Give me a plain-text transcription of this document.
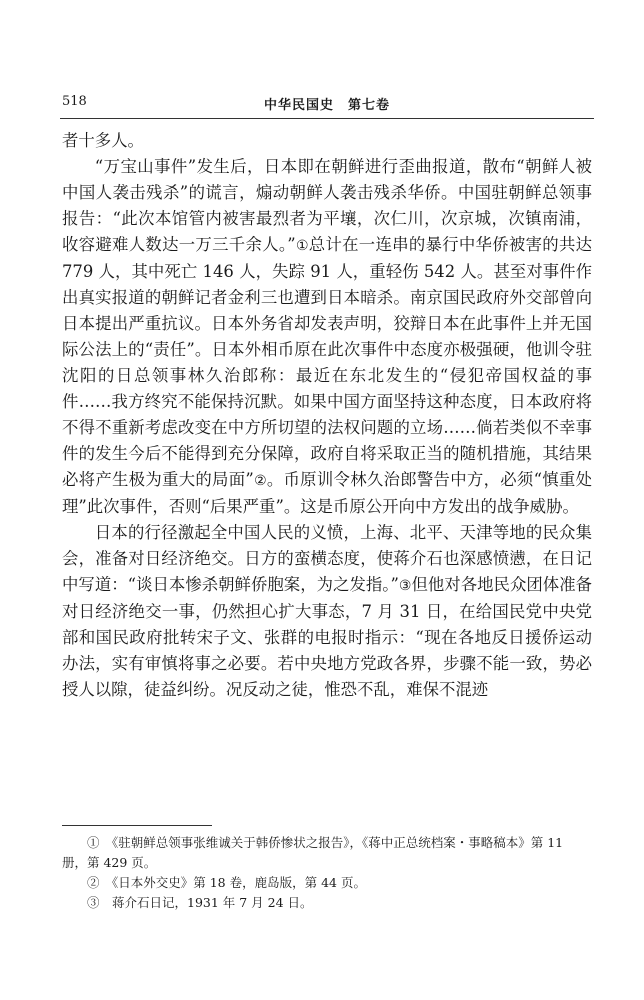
518	中华民国史　第七卷

者十多人。

“万宝山事件”发生后，日本即在朝鲜进行歪曲报道，散布“朝鲜人被中国人袭击残杀”的谎言，煽动朝鲜人袭击残杀华侨。中国驻朝鲜总领事报告：“此次本馆管内被害最烈者为平壤，次仁川，次京城，次镇南浦，收容避难人数达一万三千余人。”①总计在一连串的暴行中华侨被害的共达 779 人，其中死亡 146 人，失踪 91 人，重轻伤 542 人。甚至对事件作出真实报道的朝鲜记者金利三也遭到日本暗杀。南京国民政府外交部曾向日本提出严重抗议。日本外务省却发表声明，狡辩日本在此事件上并无国际公法上的“责任”。日本外相币原在此次事件中态度亦极强硬，他训令驻沈阳的日总领事林久治郎称：最近在东北发生的“侵犯帝国权益的事件……我方终究不能保持沉默。如果中国方面坚持这种态度，日本政府将不得不重新考虑改变在中方所切望的法权问题的立场……倘若类似不幸事件的发生今后不能得到充分保障，政府自将采取正当的随机措施，其结果必将产生极为重大的局面”②。币原训令林久治郎警告中方，必须“慎重处理”此次事件，否则“后果严重”。这是币原公开向中方发出的战争威胁。

日本的行径激起全中国人民的义愤，上海、北平、天津等地的民众集会，准备对日经济绝交。日方的蛮横态度，使蒋介石也深感愤懑，在日记中写道：“谈日本惨杀朝鲜侨胞案，为之发指。”③但他对各地民众团体准备对日经济绝交一事，仍然担心扩大事态，7 月 31 日，在给国民党中央党部和国民政府批转宋子文、张群的电报时指示：“现在各地反日援侨运动办法，实有审慎将事之必要。若中央地方党政各界，步骤不能一致，势必授人以隙，徒益纠纷。况反动之徒，惟恐不乱，难保不混迹

①　《驻朝鲜总领事张维诚关于韩侨惨状之报告》，《蒋中正总统档案・事略稿本》第 11 册，第 429 页。

②　《日本外交史》第 18 卷，鹿岛版，第 44 页。

③　蒋介石日记，1931 年 7 月 24 日。
